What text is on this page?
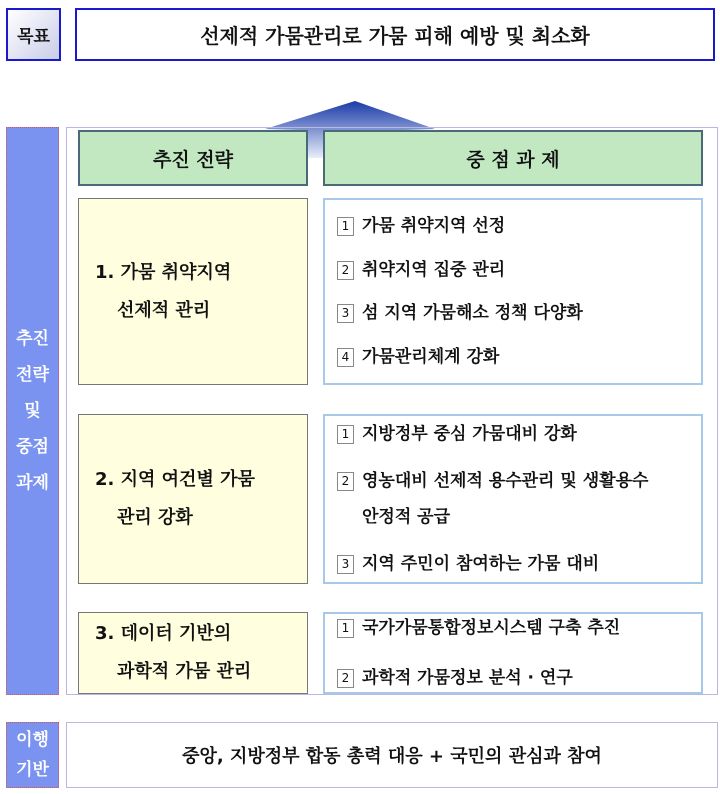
목표	선제적 가뭄관리로 가뭄 피해 예방 및 최소화
추진
전략
및
중점
과제
추진 전략	중 점 과 제
1. 가뭄 취약지역
선제적 관리
1 가뭄 취약지역 선정
2 취약지역 집중 관리
3 섬 지역 가뭄해소 정책 다양화
4 가뭄관리체계 강화
2. 지역 여건별 가뭄
관리 강화
1 지방정부 중심 가뭄대비 강화
2 영농대비 선제적 용수관리 및 생활용수 안정적 공급
3 지역 주민이 참여하는 가뭄 대비
3. 데이터 기반의
과학적 가뭄 관리
1 국가가뭄통합정보시스템 구축 추진
2 과학적 가뭄정보 분석 · 연구
이행
기반
중앙, 지방정부 합동 총력 대응 + 국민의 관심과 참여
